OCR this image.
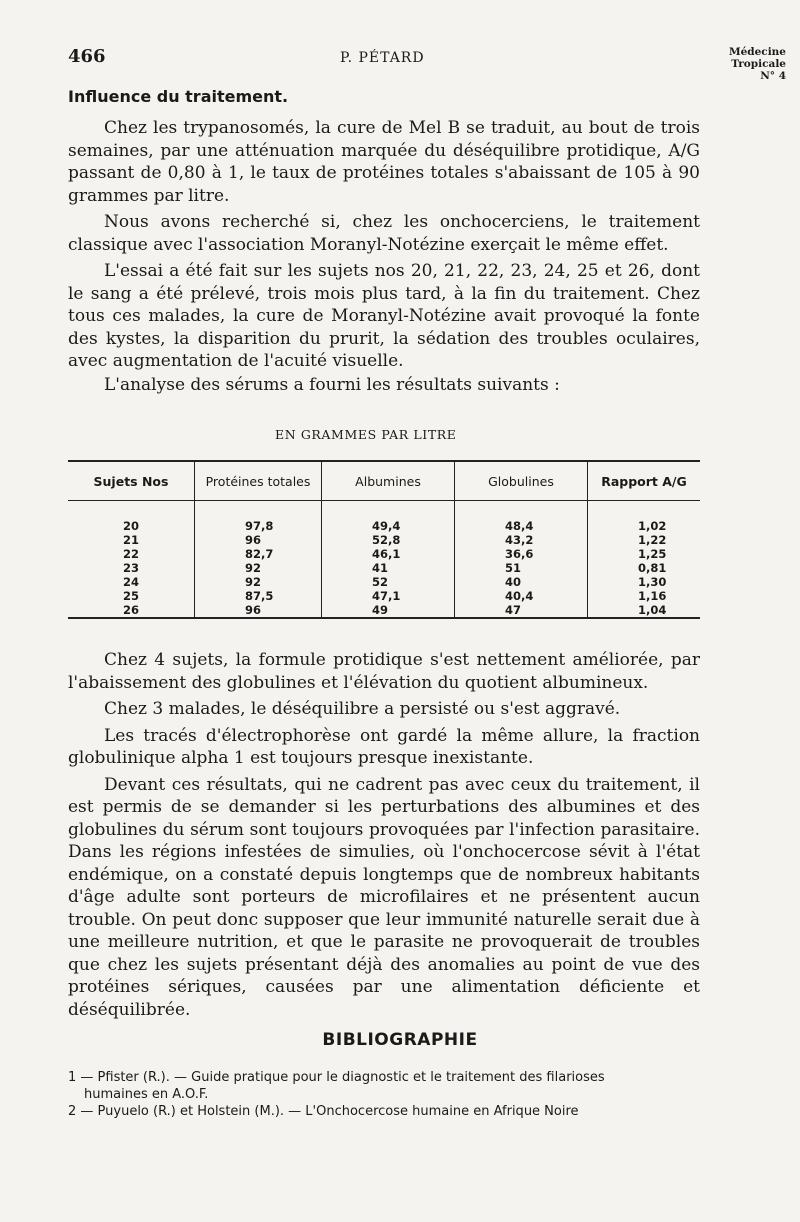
466	P. PÉTARD	Médecine
Tropicale
N° 4
Influence du traitement.

Chez les trypanosomés, la cure de Mel B se traduit, au bout de trois semaines, par une atténuation marquée du déséquilibre protidique, A/G passant de 0,80 à 1, le taux de protéines totales s'abaissant de 105 à 90 grammes par litre.

Nous avons recherché si, chez les onchocerciens, le traitement classique avec l'association Moranyl-Notézine exerçait le même effet.

L'essai a été fait sur les sujets nos 20, 21, 22, 23, 24, 25 et 26, dont le sang a été prélevé, trois mois plus tard, à la fin du traitement. Chez tous ces malades, la cure de Moranyl-Notézine avait provoqué la fonte des kystes, la disparition du prurit, la sédation des troubles oculaires, avec augmentation de l'acuité visuelle.

L'analyse des sérums a fourni les résultats suivants :
EN GRAMMES PAR LITRE
Sujets Nos	Protéines totales	Albumines	Globulines	Rapport A/G

20	97,8	49,4	48,4	1,02
21	96	52,8	43,2	1,22
22	82,7	46,1	36,6	1,25
23	92	41	51	0,81
24	92	52	40	1,30
25	87,5	47,1	40,4	1,16
26	96	49	47	1,04

Chez 4 sujets, la formule protidique s'est nettement améliorée, par l'abaissement des globulines et l'élévation du quotient albumineux.

Chez 3 malades, le déséquilibre a persisté ou s'est aggravé.

Les tracés d'électrophorèse ont gardé la même allure, la fraction globulinique alpha 1 est toujours presque inexistante.

Devant ces résultats, qui ne cadrent pas avec ceux du traitement, il est permis de se demander si les perturbations des albumines et des globulines du sérum sont toujours provoquées par l'infection parasitaire. Dans les régions infestées de simulies, où l'onchocercose sévit à l'état endémique, on a constaté depuis longtemps que de nombreux habitants d'âge adulte sont porteurs de microfilaires et ne présentent aucun trouble. On peut donc supposer que leur immunité naturelle serait due à une meilleure nutrition, et que le parasite ne provoquerait de troubles que chez les sujets présentant déjà des anomalies au point de vue des protéines sériques, causées par une alimentation déficiente et déséquilibrée.

BIBLIOGRAPHIE
1 — Pfister (R.). — Guide pratique pour le diagnostic et le traitement des filarioses
humaines en A.O.F.
2 — Puyuelo (R.) et Holstein (M.). — L'Onchocercose humaine en Afrique Noire
